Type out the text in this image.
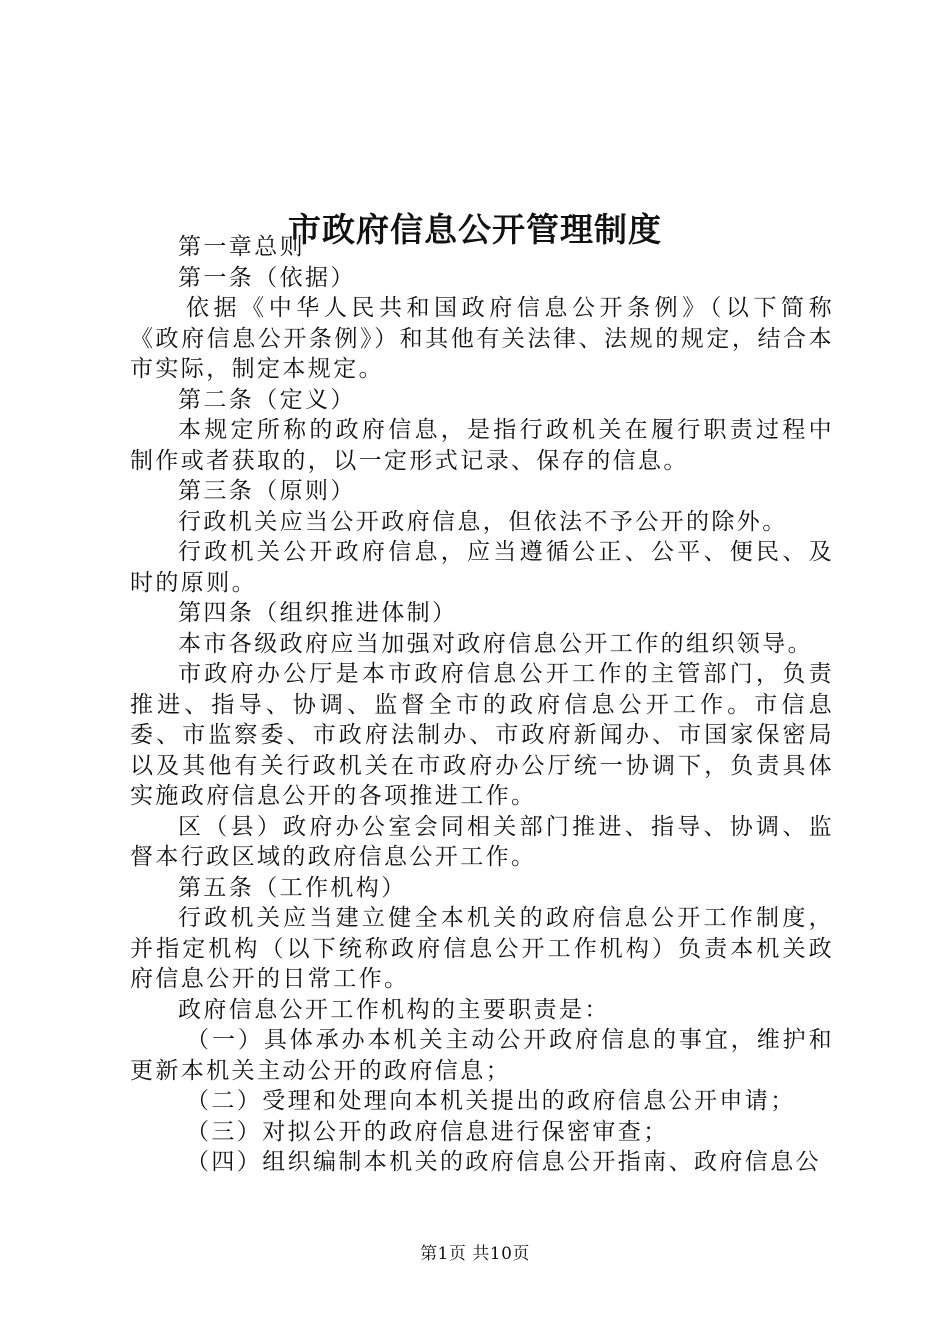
市政府信息公开管理制度

第一章总则

第一条（依据）

依据《中华人民共和国政府信息公开条例》（以下简称《政府信息公开条例》）和其他有关法律、法规的规定，结合本市实际，制定本规定。

第二条（定义）

本规定所称的政府信息，是指行政机关在履行职责过程中制作或者获取的，以一定形式记录、保存的信息。

第三条（原则）

行政机关应当公开政府信息，但依法不予公开的除外。

行政机关公开政府信息，应当遵循公正、公平、便民、及时的原则。

第四条（组织推进体制）

本市各级政府应当加强对政府信息公开工作的组织领导。

市政府办公厅是本市政府信息公开工作的主管部门，负责推进、指导、协调、监督全市的政府信息公开工作。市信息委、市监察委、市政府法制办、市政府新闻办、市国家保密局以及其他有关行政机关在市政府办公厅统一协调下，负责具体实施政府信息公开的各项推进工作。

区（县）政府办公室会同相关部门推进、指导、协调、监督本行政区域的政府信息公开工作。

第五条（工作机构）

行政机关应当建立健全本机关的政府信息公开工作制度，并指定机构（以下统称政府信息公开工作机构）负责本机关政府信息公开的日常工作。

政府信息公开工作机构的主要职责是：

（一）具体承办本机关主动公开政府信息的事宜，维护和更新本机关主动公开的政府信息；

（二）受理和处理向本机关提出的政府信息公开申请；

（三）对拟公开的政府信息进行保密审查；

（四）组织编制本机关的政府信息公开指南、政府信息公

第1页 共10页
